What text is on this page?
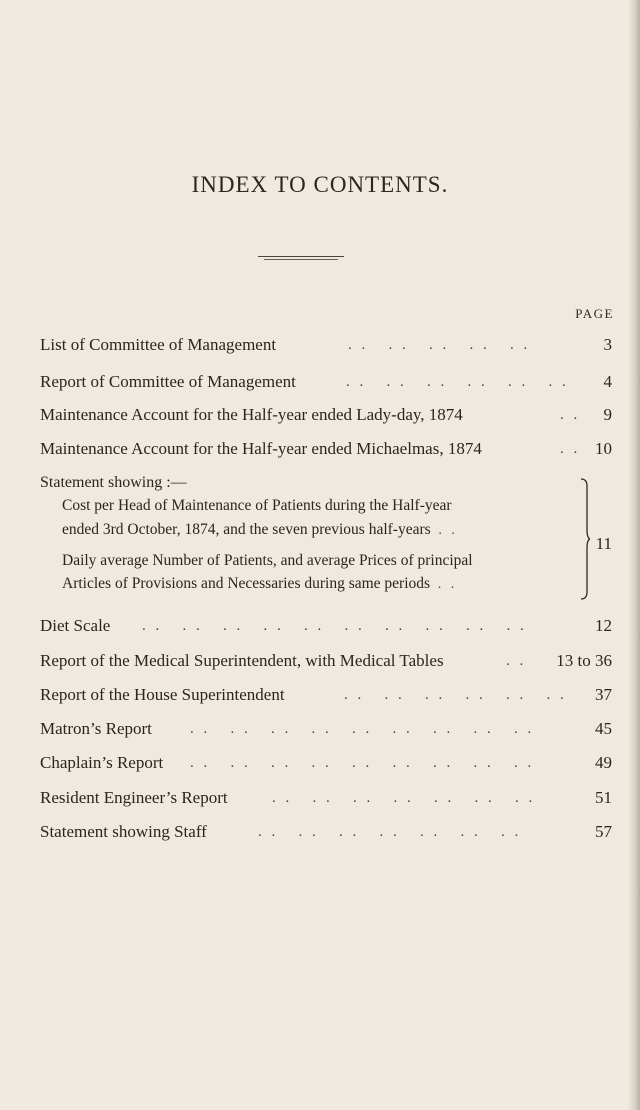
INDEX TO CONTENTS.
PAGE
List of Committee of Management	. .   . .   . .   . .   . .	3
Report of Committee of Management	. .   . .   . .   . .   . .   . . 4
Maintenance Account for the Half-year ended Lady-day, 1874	. . 9
Maintenance Account for the Half-year ended Michaelmas, 1874	. . 10
Statement showing :—
Cost per Head of Maintenance of Patients during the Half-year
ended 3rd October, 1874, and the seven previous half-years . .
Daily average Number of Patients, and average Prices of principal
Articles of Provisions and Necessaries during same periods . .
11
Diet Scale . .   . .   . .   . .   . .   . .   . .   . .   . .   . .	12
Report of the Medical Superintendent, with Medical Tables	. . 13 to 36
Report of the House Superintendent	. .   . .   . .   . .   . .   . . 37
Matron’s Report	. .   . .   . .   . .   . .   . .   . .   . .   . .	45
Chaplain’s Report . .   . .   . .   . .   . .   . .   . .   . .   . .	49
Resident Engineer’s Report	. .   . .   . .   . .   . .   . .   . .	51
Statement showing Staff	. .   . .   . .   . .   . .   . .   . .	57
